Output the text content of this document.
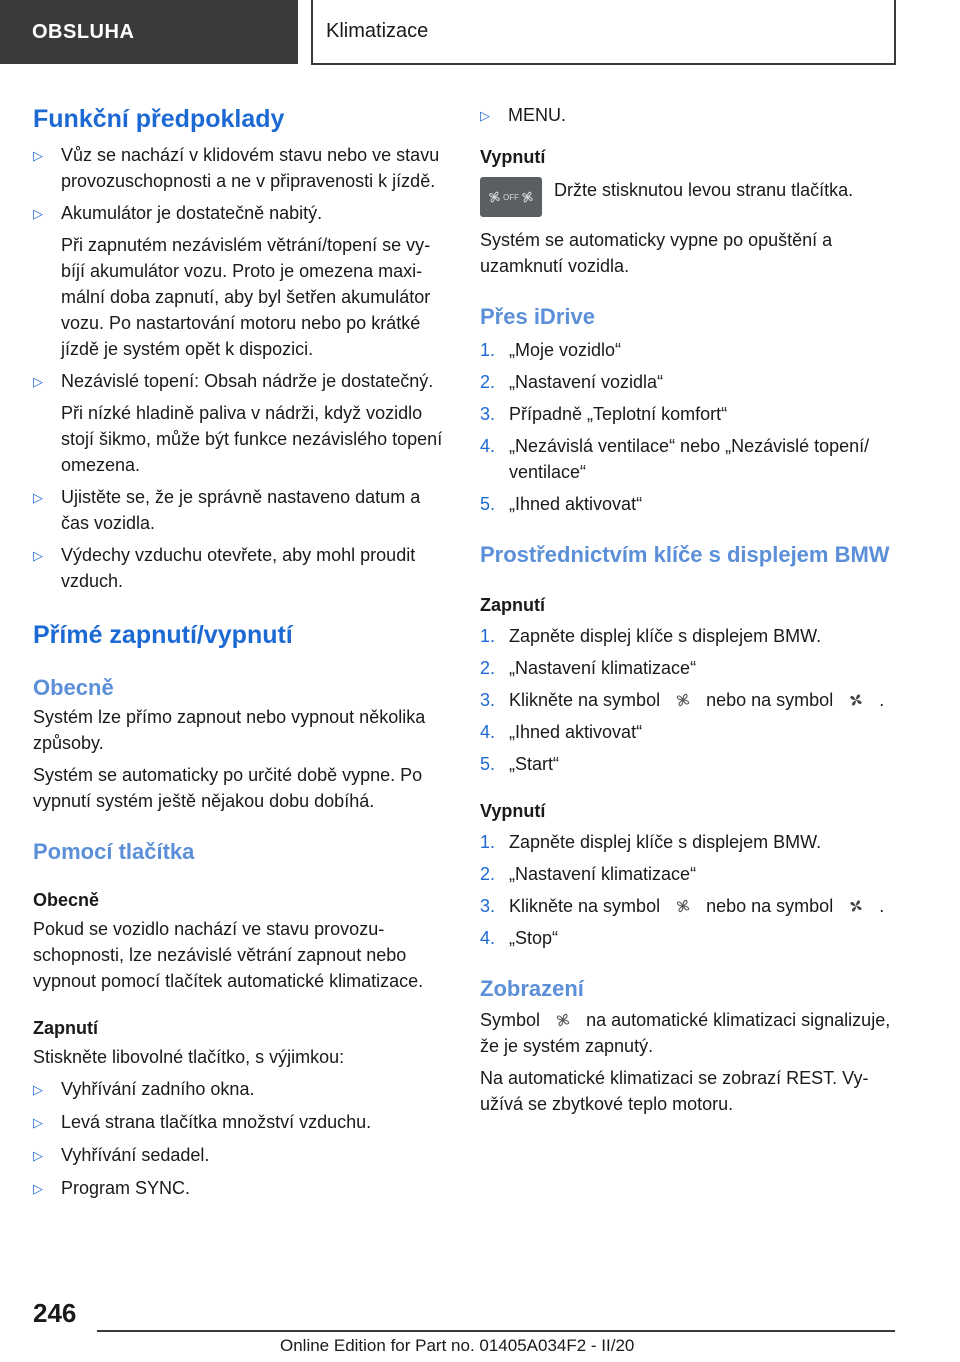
OBSLUHA	Klimatizace
Funkční předpoklady
▷	Vůz se nachází v klidovém stavu nebo ve stavu provozuschopnosti a ne v připravenosti k jízdě.

▷	Akumulátor je dostatečně nabitý.

Při zapnutém nezávislém větrání/topení se vybíjí akumulátor vozu. Proto je omezena maximální doba zapnutí, aby byl šetřen akumulátor vozu. Po nastartování motoru nebo po krátké jízdě je systém opět k dispozici.

▷	Nezávislé topení: Obsah nádrže je dostatečný.

Při nízké hladině paliva v nádrži, když vozidlo stojí šikmo, může být funkce nezávislého topení omezena.

▷	Ujistěte se, že je správně nastaveno datum a čas vozidla.

▷	Výdechy vzduchu otevřete, aby mohl proudit vzduch.

Přímé zapnutí/vypnutí
Obecně

Systém lze přímo zapnout nebo vypnout několika způsoby.

Systém se automaticky po určité době vypne. Po vypnutí systém ještě nějakou dobu dobíhá.

Pomocí tlačítka
Obecně

Pokud se vozidlo nachází ve stavu provozuschopnosti, lze nezávislé větrání zapnout nebo vypnout pomocí tlačítek automatické klimatizace.

Zapnutí

Stiskněte libovolné tlačítko, s výjimkou:

▷	Vyhřívání zadního okna.

▷	Levá strana tlačítka množství vzduchu.

▷	Vyhřívání sedadel.

▷	Program SYNC.

▷	MENU.

Vypnutí
OFF Držte stisknutou levou stranu tlačítka.

Systém se automaticky vypne po opuštění a uzamknutí vozidla.

Přes iDrive
1. „Moje vozidlo“

2. „Nastavení vozidla“

3. Případně „Teplotní komfort“

4. „Nezávislá ventilace“ nebo „Nezávislé topení/ ventilace“

5. „Ihned aktivovat“

Prostřednictvím klíče s displejem BMW
Zapnutí
1. Zapněte displej klíče s displejem BMW.

2. „Nastavení klimatizace“

3. Klikněte na symbol	nebo na symbol	.

4. „Ihned aktivovat“

5. „Start“

Vypnutí
1. Zapněte displej klíče s displejem BMW.

2. „Nastavení klimatizace“

3. Klikněte na symbol	nebo na symbol	.

4. „Stop“

Zobrazení

Symbol	na automatické klimatizaci signalizuje, že je systém zapnutý.

Na automatické klimatizaci se zobrazí REST. Využívá se zbytkové teplo motoru.

246
Online Edition for Part no. 01405A034F2 - II/20
